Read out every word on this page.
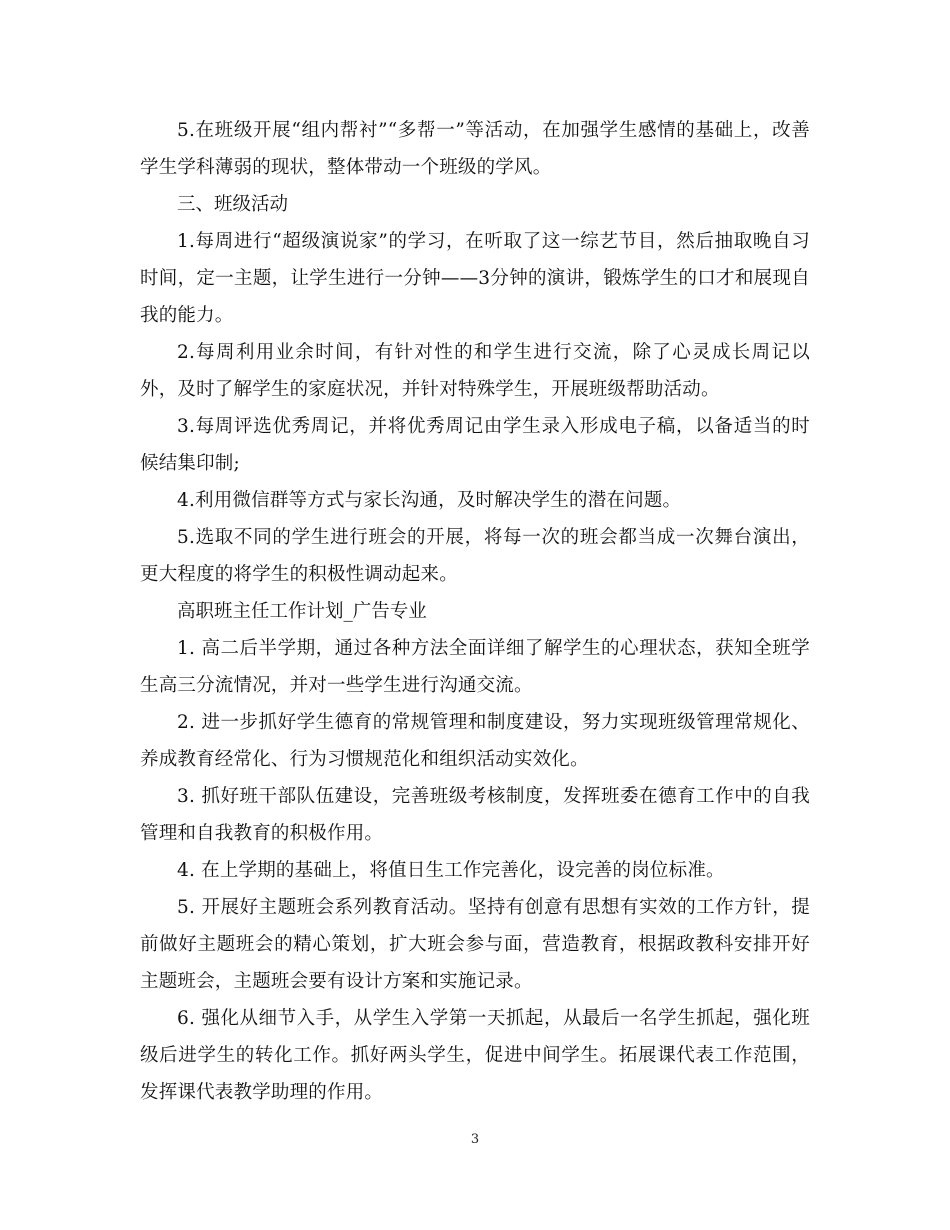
5.在班级开展“组内帮衬”“多帮一”等活动，在加强学生感情的基础上，改善学生学科薄弱的现状，整体带动一个班级的学风。

三、班级活动

1.每周进行“超级演说家”的学习，在听取了这一综艺节目，然后抽取晚自习时间，定一主题，让学生进行一分钟——3分钟的演讲，锻炼学生的口才和展现自我的能力。

2.每周利用业余时间，有针对性的和学生进行交流，除了心灵成长周记以外，及时了解学生的家庭状况，并针对特殊学生，开展班级帮助活动。

3.每周评选优秀周记，并将优秀周记由学生录入形成电子稿，以备适当的时候结集印制;

4.利用微信群等方式与家长沟通，及时解决学生的潜在问题。

5.选取不同的学生进行班会的开展，将每一次的班会都当成一次舞台演出，更大程度的将学生的积极性调动起来。

高职班主任工作计划_广告专业

1. 高二后半学期，通过各种方法全面详细了解学生的心理状态，获知全班学生高三分流情况，并对一些学生进行沟通交流。

2. 进一步抓好学生德育的常规管理和制度建设，努力实现班级管理常规化、养成教育经常化、行为习惯规范化和组织活动实效化。

3. 抓好班干部队伍建设，完善班级考核制度，发挥班委在德育工作中的自我管理和自我教育的积极作用。

4. 在上学期的基础上，将值日生工作完善化，设完善的岗位标准。

5. 开展好主题班会系列教育活动。坚持有创意有思想有实效的工作方针，提前做好主题班会的精心策划，扩大班会参与面，营造教育，根据政教科安排开好主题班会，主题班会要有设计方案和实施记录。

6. 强化从细节入手，从学生入学第一天抓起，从最后一名学生抓起，强化班级后进学生的转化工作。抓好两头学生，促进中间学生。拓展课代表工作范围，发挥课代表教学助理的作用。

3
